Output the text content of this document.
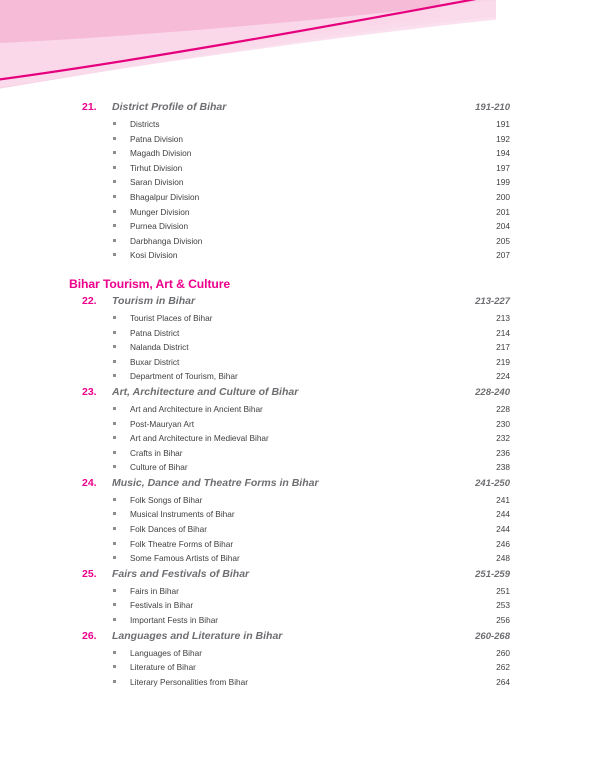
21.	District Profile of Bihar	191-210
Districts	191
Patna Division	192
Magadh Division	194
Tirhut Division	197
Saran Division	199
Bhagalpur Division	200
Munger Division	201
Purnea Division	204
Darbhanga Division	205
Kosi Division	207
Bihar Tourism, Art & Culture
22.	Tourism in Bihar	213-227
Tourist Places of Bihar	213
Patna District	214
Nalanda District	217
Buxar District	219
Department of Tourism, Bihar	224
23.	Art, Architecture and Culture of Bihar	228-240
Art and Architecture in Ancient Bihar	228
Post-Mauryan Art	230
Art and Architecture in Medieval Bihar	232
Crafts in Bihar	236
Culture of Bihar	238
24.	Music, Dance and Theatre Forms in Bihar	241-250
Folk Songs of Bihar	241
Musical Instruments of Bihar	244
Folk Dances of Bihar	244
Folk Theatre Forms of Bihar	246
Some Famous Artists of Bihar	248
25.	Fairs and Festivals of Bihar	251-259
Fairs in Bihar	251
Festivals in Bihar	253
Important Fests in Bihar	256
26.	Languages and Literature in Bihar	260-268
Languages of Bihar	260
Literature of Bihar	262
Literary Personalities from Bihar	264
